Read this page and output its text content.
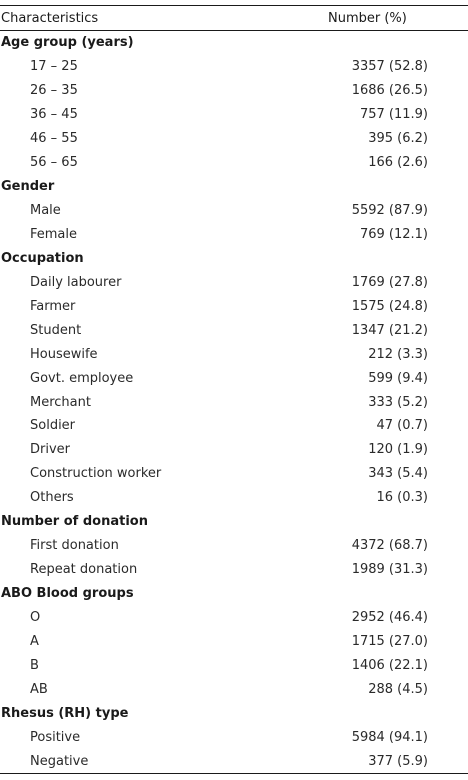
Characteristics	Number (%)
Age group (years)
17 – 25	3357 (52.8)
26 – 35	1686 (26.5)
36 – 45	757 (11.9)
46 – 55	395 (6.2)
56 – 65	166 (2.6)
Gender
Male	5592 (87.9)
Female	769 (12.1)
Occupation
Daily labourer	1769 (27.8)
Farmer	1575 (24.8)
Student	1347 (21.2)
Housewife	212 (3.3)
Govt. employee	599 (9.4)
Merchant	333 (5.2)
Soldier	47 (0.7)
Driver	120 (1.9)
Construction worker	343 (5.4)
Others	16 (0.3)
Number of donation
First donation	4372 (68.7)
Repeat donation	1989 (31.3)
ABO Blood groups
O	2952 (46.4)
A	1715 (27.0)
B	1406 (22.1)
AB	288 (4.5)
Rhesus (RH) type
Positive	5984 (94.1)
Negative	377 (5.9)
